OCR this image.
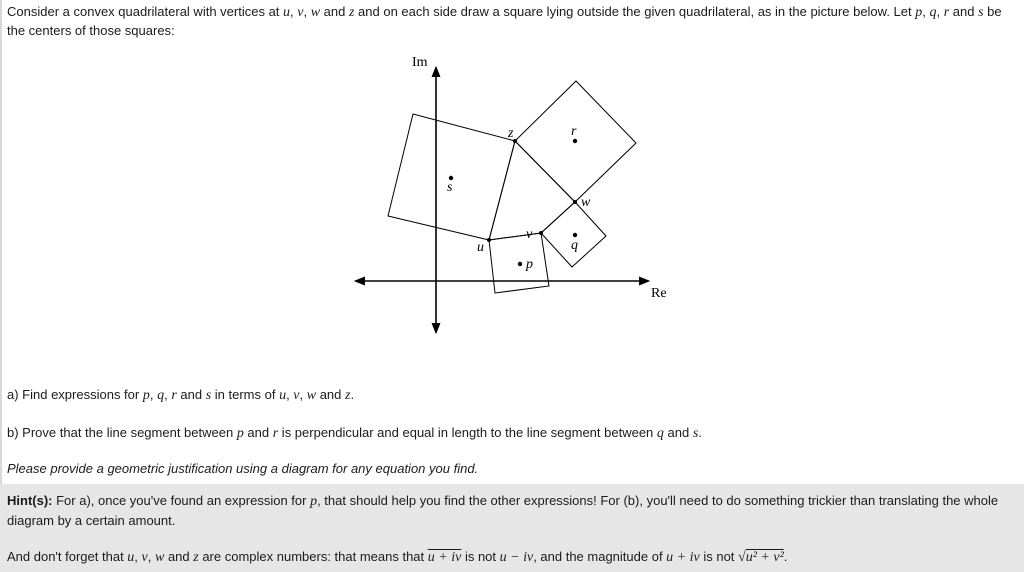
Consider a convex quadrilateral with vertices at u, v, w and z and on each side draw a square lying outside the given quadrilateral, as in the picture below. Let p, q, r and s be the centers of those squares:
Im
Re
u
v
w
z
p
q
r
s
a) Find expressions for p, q, r and s in terms of u, v, w and z.
b) Prove that the line segment between p and r is perpendicular and equal in length to the line segment between q and s.
Please provide a geometric justification using a diagram for any equation you find.
Hint(s): For a), once you've found an expression for p, that should help you find the other expressions! For (b), you'll need to do something trickier than translating the whole diagram by a certain amount.
And don't forget that u, v, w and z are complex numbers: that means that u + iv is not u − iv, and the magnitude of u + iv is not √u² + v².
